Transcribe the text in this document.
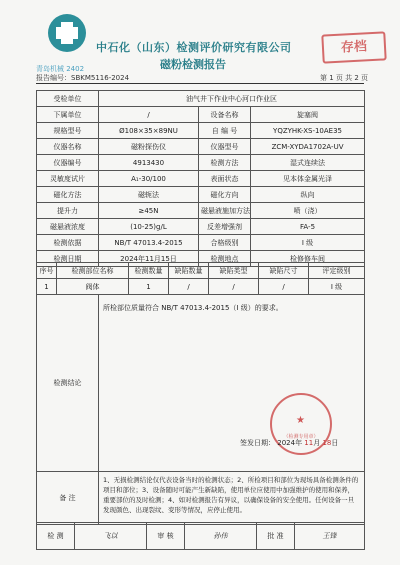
中石化（山东）检测评价研究有限公司
磁粉检测报告
存档
青岛机械 2402
报告编号：SBKM5116-2024	第 1 页 共 2 页
受检单位	油气井下作业中心河口作业区		
下属单位	/	设备名称	旋塞阀
规格型号	Ø108×35×89NU	自 编 号	YQZYHK-XS-10AE35
仪器名称	磁粉探伤仪	仪器型号	ZCM-XYDA1702A-UV
仪器编号	4913430	检测方法	湿式连续法
灵敏度试片	A₁-30/100	表面状态	见本体金属光泽
磁化方法	磁轭法	磁化方向	纵向
提升力	≥45N	磁悬液施加方法	喷（浇）
磁悬液浓度	(10-25)g/L	反差增强剂	FA-5
检测依据	NB/T 47013.4-2015	合格级别	I 级
检测日期	2024年11月15日	检测地点	检修修车间
序号	检测部位名称	检测数量	缺陷数量	缺陷类型	缺陷尺寸	评定级别
1	阀体	1	/	/	/	I 级
检测结论	所检部位质量符合 NB/T 47013.4-2015（I 级）的要求。
备 注	1、无损检测结论仅代表设备当时的检测状态；2、所检项目和部位为现场具备检测条件的项目和部位；3、设备随时可能产生新缺陷，使用单位应使用中加强维护的使用和保养，重要部位的及时检测；4、如对检测报告有异议，以确保设备的安全使用。任何设备一旦发现颜色、出现裂纹、变形等情况，应停止使用。
★
（检测专用章）
签发日期： 2024年 11月 18日
检 测	飞以	审 核	孙伟	批 准	王锋
